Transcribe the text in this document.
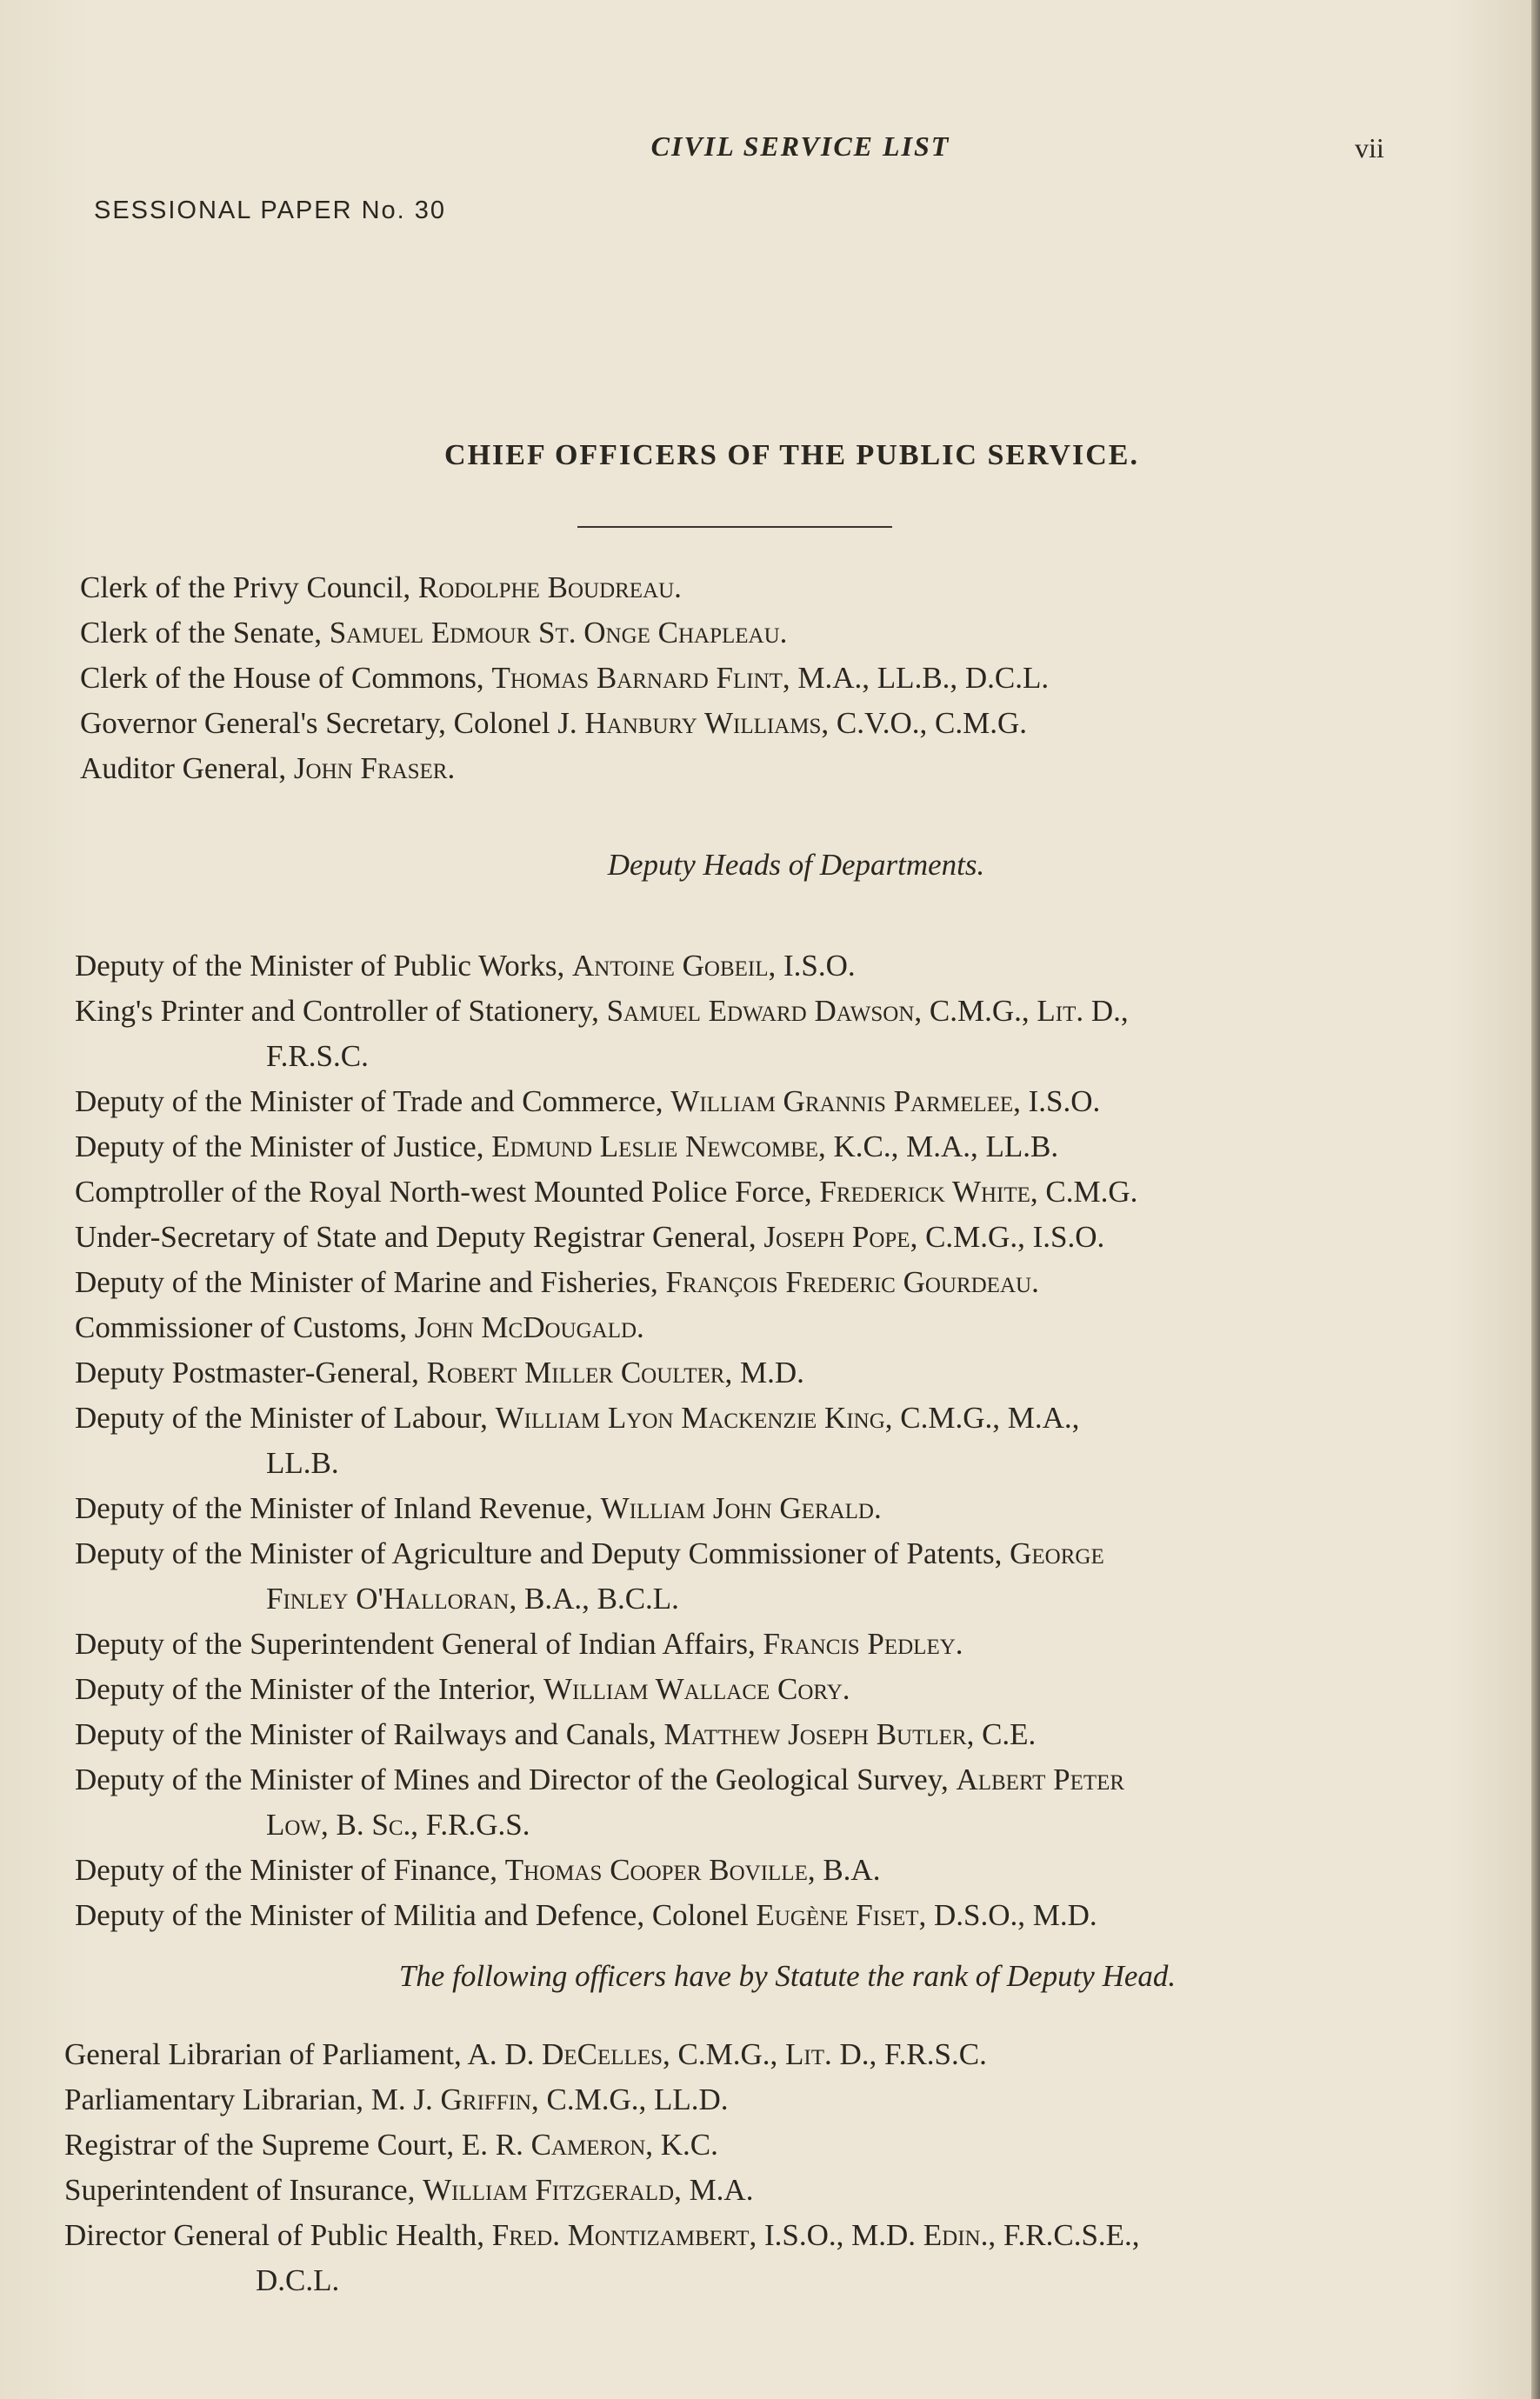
CIVIL SERVICE LIST	vii
SESSIONAL PAPER No. 30
CHIEF OFFICERS OF THE PUBLIC SERVICE.
Clerk of the Privy Council, Rodolphe Boudreau.
Clerk of the Senate, Samuel Edmour St. Onge Chapleau.
Clerk of the House of Commons, Thomas Barnard Flint, M.A., LL.B., D.C.L.
Governor General's Secretary, Colonel J. Hanbury Williams, C.V.O., C.M.G.
Auditor General, John Fraser.
Deputy Heads of Departments.
Deputy of the Minister of Public Works, Antoine Gobeil, I.S.O.
King's Printer and Controller of Stationery, Samuel Edward Dawson, C.M.G., Lit. D.,
F.R.S.C.
Deputy of the Minister of Trade and Commerce, William Grannis Parmelee, I.S.O.
Deputy of the Minister of Justice, Edmund Leslie Newcombe, K.C., M.A., LL.B.
Comptroller of the Royal North-west Mounted Police Force, Frederick White, C.M.G.
Under-Secretary of State and Deputy Registrar General, Joseph Pope, C.M.G., I.S.O.
Deputy of the Minister of Marine and Fisheries, François Frederic Gourdeau.
Commissioner of Customs, John McDougald.
Deputy Postmaster-General, Robert Miller Coulter, M.D.
Deputy of the Minister of Labour, William Lyon Mackenzie King, C.M.G., M.A.,
LL.B.
Deputy of the Minister of Inland Revenue, William John Gerald.
Deputy of the Minister of Agriculture and Deputy Commissioner of Patents, George
Finley O'Halloran, B.A., B.C.L.
Deputy of the Superintendent General of Indian Affairs, Francis Pedley.
Deputy of the Minister of the Interior, William Wallace Cory.
Deputy of the Minister of Railways and Canals, Matthew Joseph Butler, C.E.
Deputy of the Minister of Mines and Director of the Geological Survey, Albert Peter
Low, B. Sc., F.R.G.S.
Deputy of the Minister of Finance, Thomas Cooper Boville, B.A.
Deputy of the Minister of Militia and Defence, Colonel Eugène Fiset, D.S.O., M.D.
The following officers have by Statute the rank of Deputy Head.
General Librarian of Parliament, A. D. DeCelles, C.M.G., Lit. D., F.R.S.C.
Parliamentary Librarian, M. J. Griffin, C.M.G., LL.D.
Registrar of the Supreme Court, E. R. Cameron, K.C.
Superintendent of Insurance, William Fitzgerald, M.A.
Director General of Public Health, Fred. Montizambert, I.S.O., M.D. Edin., F.R.C.S.E.,
D.C.L.
